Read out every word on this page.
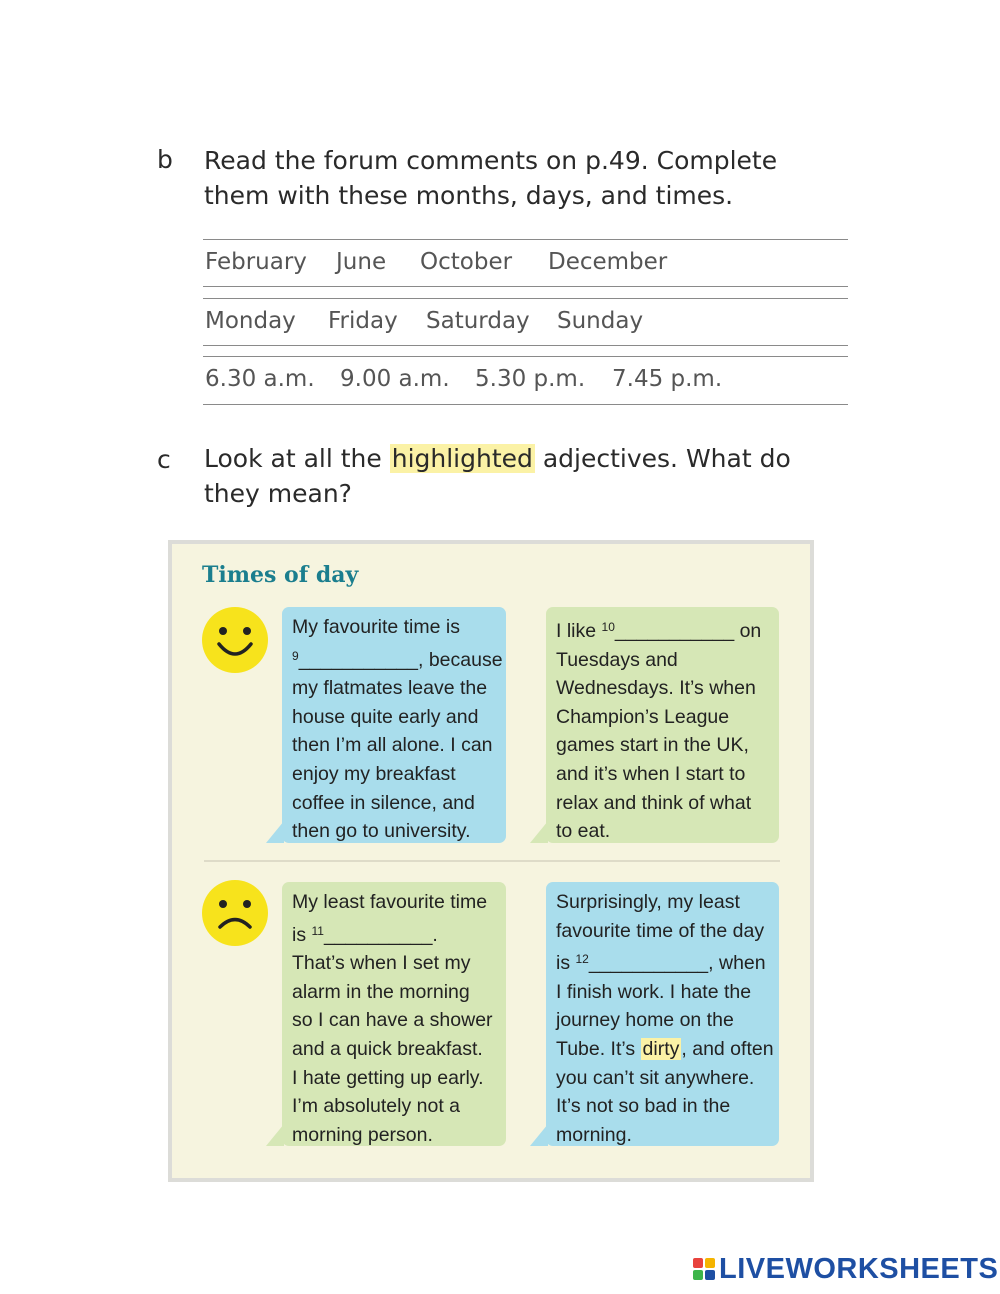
b Read the forum comments on p.49. Complete
them with these months, days, and times.
February June October December
Monday Friday Saturday Sunday
6.30 a.m. 9.00 a.m. 5.30 p.m. 7.45 p.m.
c Look at all the highlighted adjectives. What do
they mean?
Times of day
My favourite time is
$^9$___________, because
my flatmates leave the
house quite early and
then I’m all alone. I can
enjoy my breakfast
coffee in silence, and
then go to university.
I like $^{10}$___________ on
Tuesdays and
Wednesdays. It’s when
Champion’s League
games start in the UK,
and it’s when I start to
relax and think of what
to eat.
My least favourite time
is $^{11}$__________.
That’s when I set my
alarm in the morning
so I can have a shower
and a quick breakfast.
I hate getting up early.
I’m absolutely not a
morning person.
Surprisingly, my least
favourite time of the day
is $^{12}$___________, when
I finish work. I hate the
journey home on the
Tube. It’s dirty , and often
you can’t sit anywhere.
It’s not so bad in the
morning.
LIVEWORKSHEETS
